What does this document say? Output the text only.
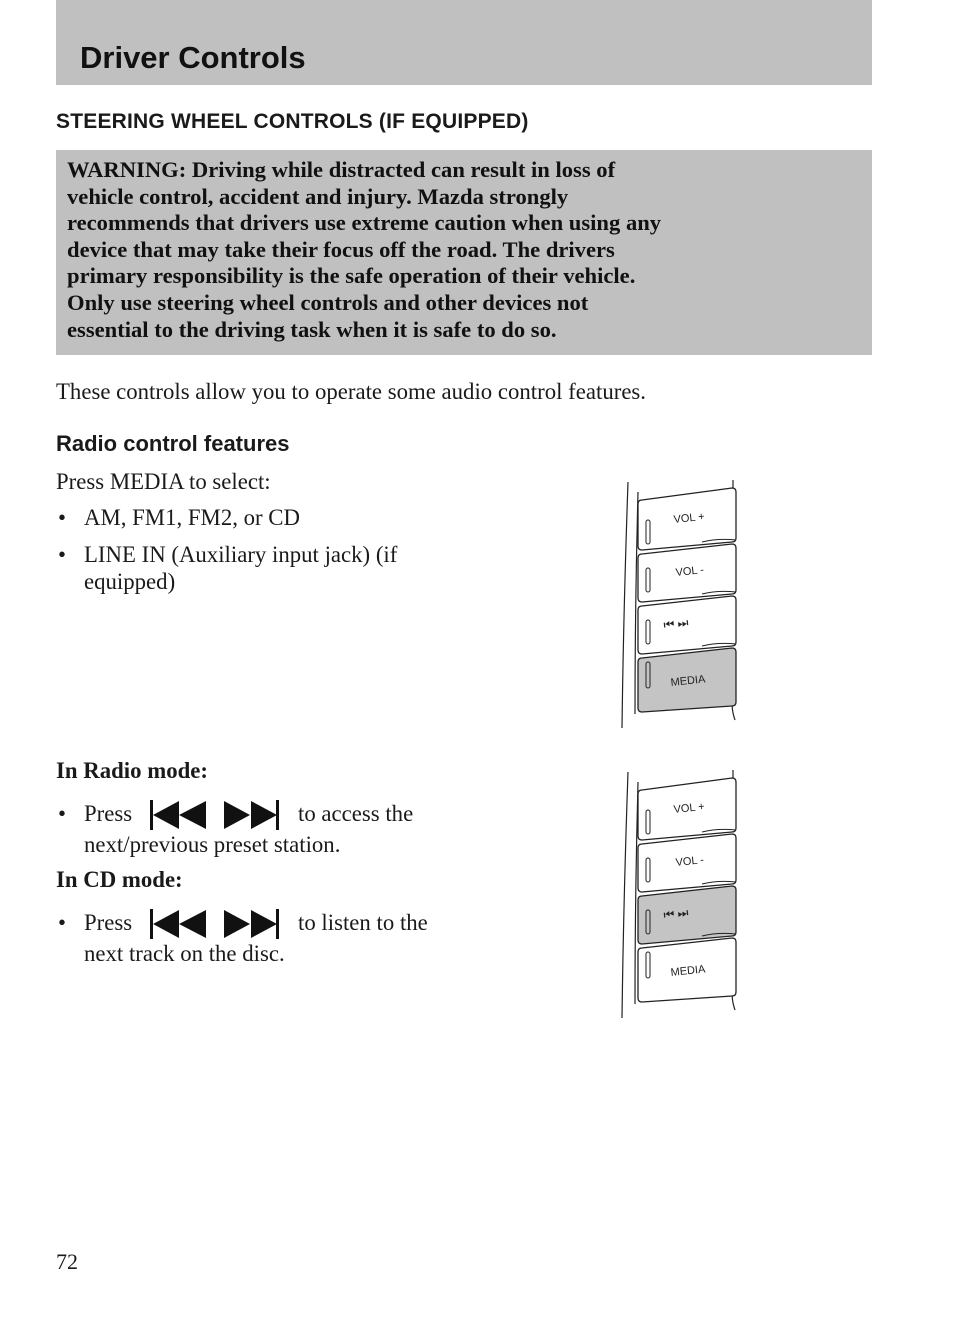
Driver Controls
STEERING WHEEL CONTROLS (IF EQUIPPED)
WARNING: Driving while distracted can result in loss of
vehicle control, accident and injury. Mazda strongly
recommends that drivers use extreme caution when using any
device that may take their focus off the road. The drivers
primary responsibility is the safe operation of their vehicle.
Only use steering wheel controls and other devices not
essential to the driving task when it is safe to do so.
These controls allow you to operate some audio control features.
Radio control features
Press MEDIA to select:
• AM, FM1, FM2, or CD
• LINE IN (Auxiliary input jack) (if
equipped)
VOL +
VOL -
⏮ ⏭
MEDIA
In Radio mode:
• Press	to access the
next/previous preset station.
In CD mode:
• Press	to listen to the
next track on the disc.
VOL +
VOL -
⏮ ⏭
MEDIA
72
